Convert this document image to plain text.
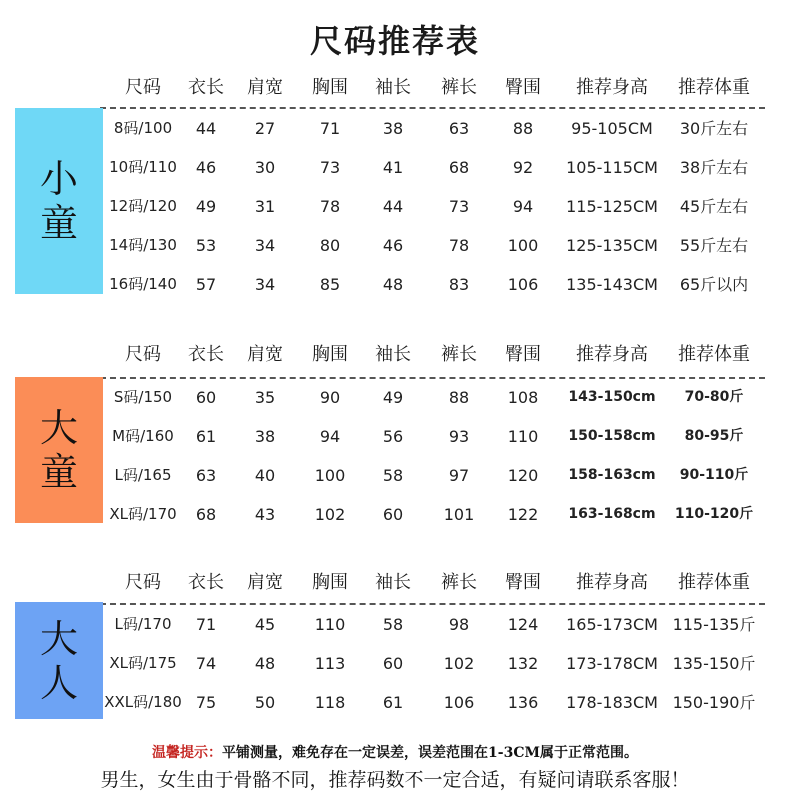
尺码推荐表
尺码 衣长 肩宽 胸围 袖长 裤长 臀围 推荐身高 推荐体重
小
童
8码/100 44 27	71	38	63	88 95-105CM 30斤左右
10码/110 46 30	73	41	68	92 105-115CM 38斤左右
12码/120 49 31	78	44	73	94 115-125CM 45斤左右
14码/130 53 34	80	46	78 100 125-135CM 55斤左右
16码/140 57 34	85	48	83 106 135-143CM 65斤以内
尺码 衣长 肩宽 胸围 袖长 裤长 臀围 推荐身高 推荐体重
大
童
S码/150 60 35	90	49	88 108 143-150cm 70-80斤
M码/160 61 38	94	56	93 110 150-158cm 80-95斤
L码/165 63 40 100 58	97 120 158-163cm 90-110斤
XL码/170 68 43 102 60	101 122 163-168cm 110-120斤
尺码 衣长 肩宽 胸围 袖长 裤长 臀围 推荐身高 推荐体重
大
人
L码/170 71 45 110 58	98 124 165-173CM 115-135斤
XL码/175 74 48 113 60	102 132 173-178CM 135-150斤
XXL码/180 75 50 118 61	106 136 178-183CM 150-190斤
温馨提示：平铺测量，难免存在一定误差，误差范围在1-3CM属于正常范围。
男生，女生由于骨骼不同，推荐码数不一定合适，有疑问请联系客服！
